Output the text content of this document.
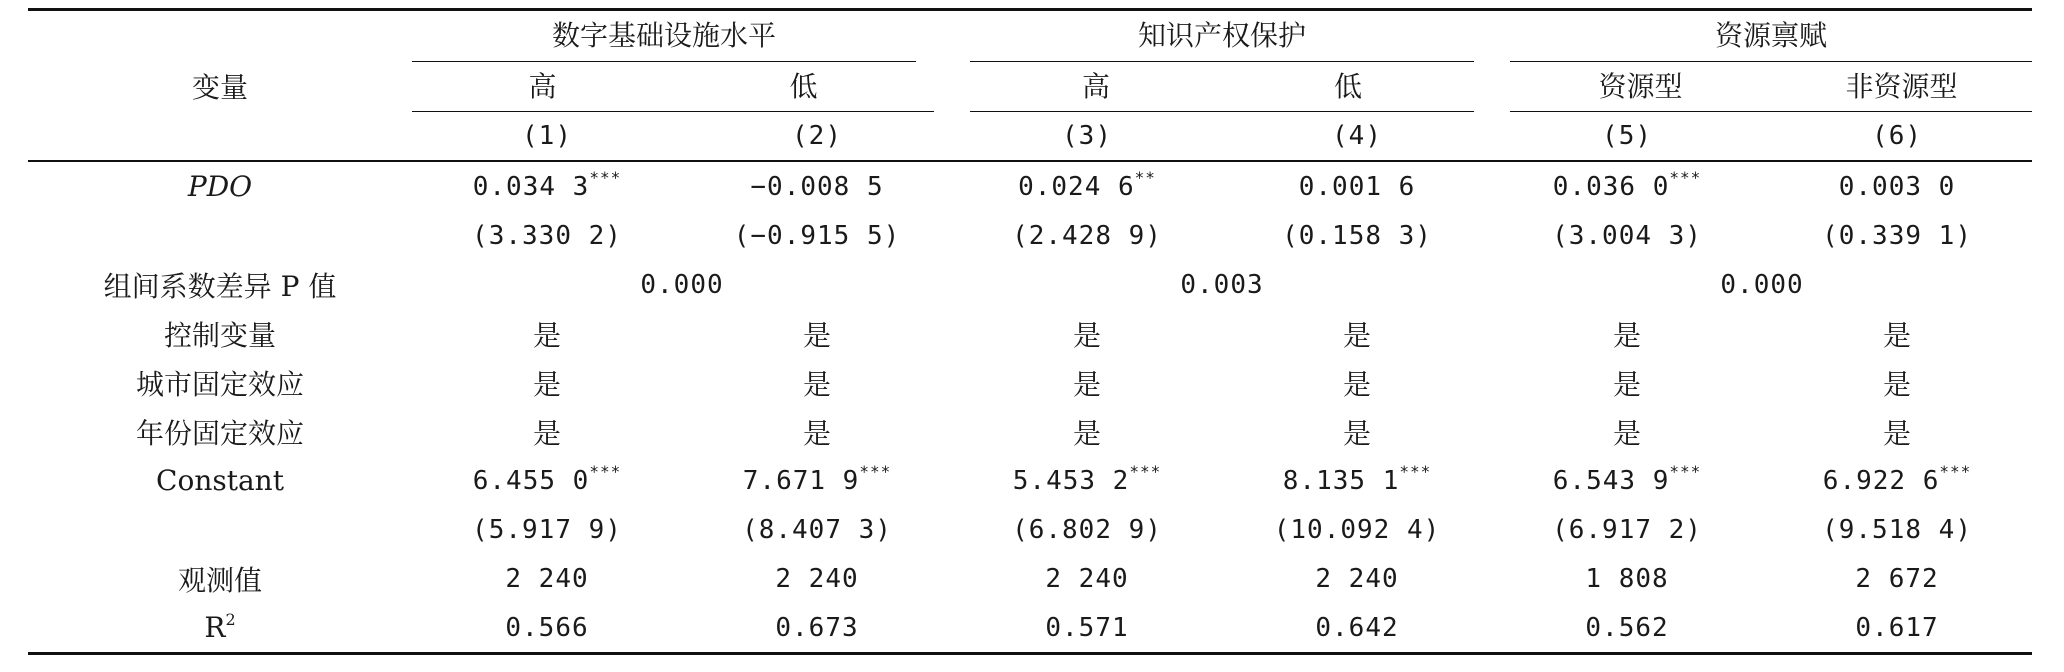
变量	数字基础设施水平		知识产权保护		资源禀赋	

	高 低		高 低		资源型 非资源型	

	(1)	(2)	(3)	(4)	(5)	(6)
PDO	0.034 3***	−0.008 5	0.024 6**	0.001 6	0.036 0***	0.003 0
	(3.330 2)	(−0.915 5)	(2.428 9)	(0.158 3)	(3.004 3)	(0.339 1)
组间系数差异 P 值	0.000		0.003		0.000	
控制变量	是	是	是	是	是	是
城市固定效应	是	是	是	是	是	是
年份固定效应	是	是	是	是	是	是
Constant	6.455 0***	7.671 9***	5.453 2***	8.135 1***	6.543 9***	6.922 6***
	(5.917 9)	(8.407 3)	(6.802 9)	(10.092 4)	(6.917 2)	(9.518 4)
观测值	2 240	2 240	2 240	2 240	1 808	2 672
$R^2$	0.566	0.673	0.571	0.642	0.562	0.617
